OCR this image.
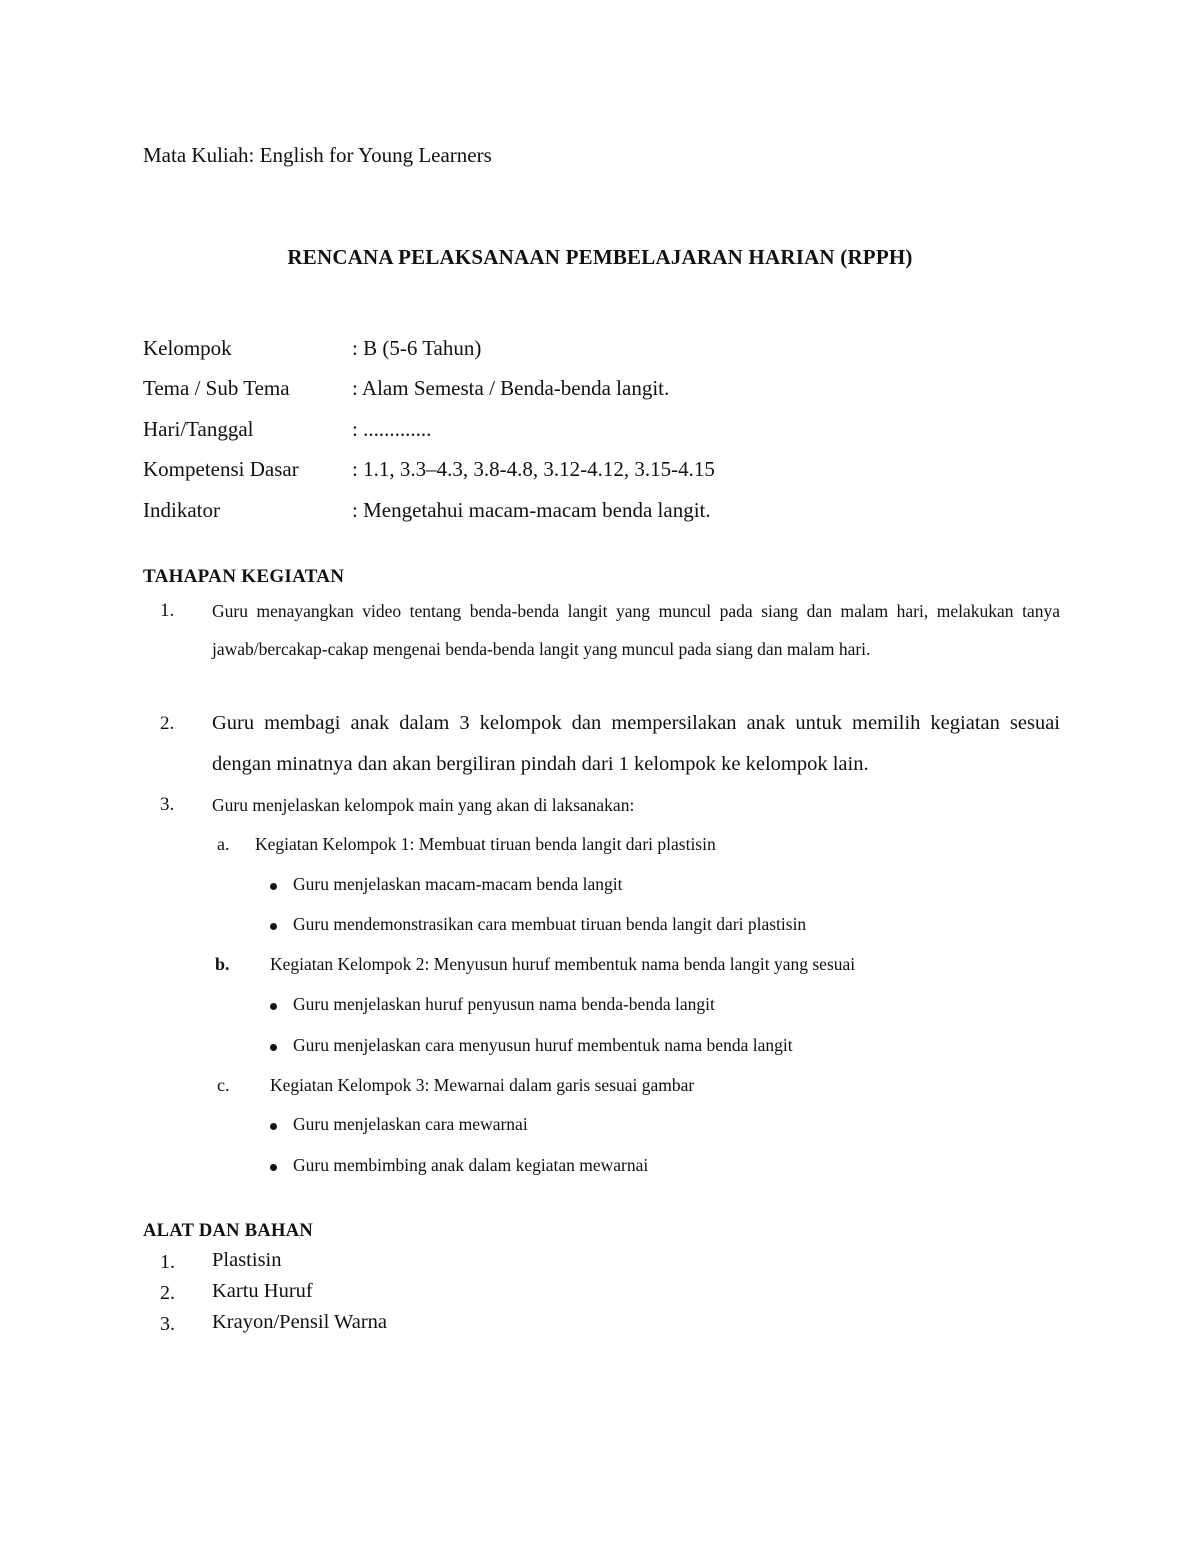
Mata Kuliah: English for Young Learners
RENCANA PELAKSANAAN PEMBELAJARAN HARIAN (RPPH)
Kelompok	: B (5-6 Tahun)
Tema / Sub Tema	: Alam Semesta / Benda-benda langit.
Hari/Tanggal	: .............
Kompetensi Dasar	: 1.1, 3.3–4.3, 3.8-4.8, 3.12-4.12, 3.15-4.15
Indikator	: Mengetahui macam-macam benda langit.
TAHAPAN KEGIATAN
1. Guru menayangkan video tentang benda-benda langit yang muncul pada siang dan malam hari, melakukan tanya jawab/bercakap-cakap mengenai benda-benda langit yang muncul pada siang dan malam hari.
2. Guru membagi anak dalam 3 kelompok dan mempersilakan anak untuk memilih kegiatan sesuai dengan minatnya dan akan bergiliran pindah dari 1 kelompok ke kelompok lain.
3. Guru menjelaskan kelompok main yang akan di laksanakan:
a. Kegiatan Kelompok 1: Membuat tiruan benda langit dari plastisin
Guru menjelaskan macam-macam benda langit
Guru mendemonstrasikan cara membuat tiruan benda langit dari plastisin
b. Kegiatan Kelompok 2: Menyusun huruf membentuk nama benda langit yang sesuai
Guru menjelaskan huruf penyusun nama benda-benda langit
Guru menjelaskan cara menyusun huruf membentuk nama benda langit
c. Kegiatan Kelompok 3: Mewarnai dalam garis sesuai gambar
Guru menjelaskan cara mewarnai
Guru membimbing anak dalam kegiatan mewarnai
ALAT DAN BAHAN
1. Plastisin
2. Kartu Huruf
3. Krayon/Pensil Warna
